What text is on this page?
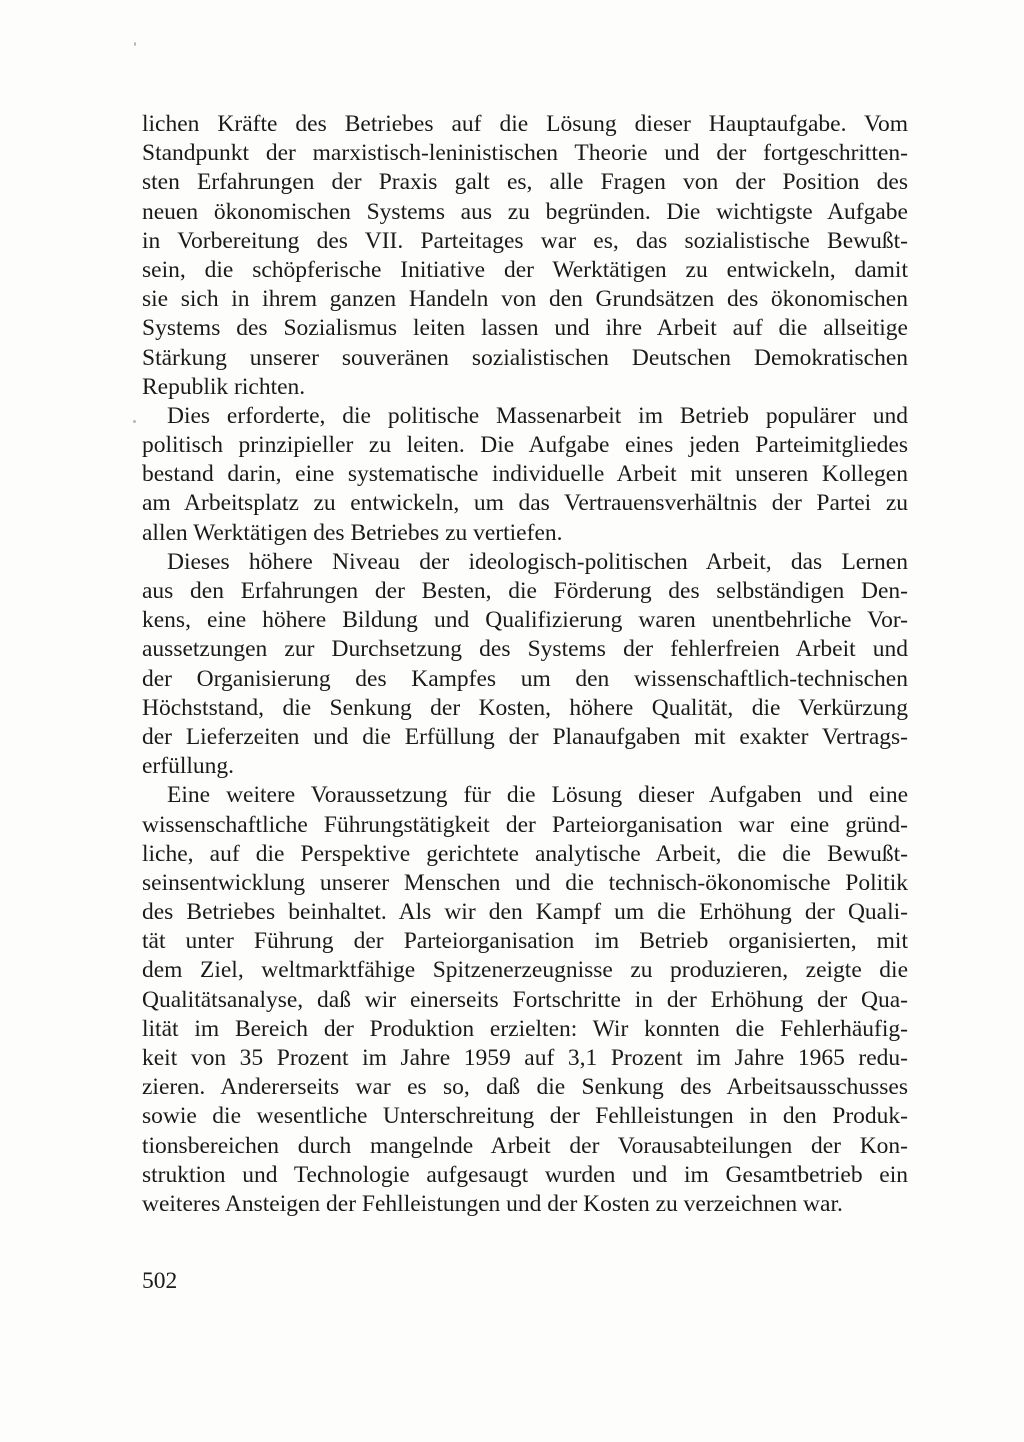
lichen Kräfte des Betriebes auf die Lösung dieser Hauptaufgabe. Vom
Standpunkt der marxistisch-leninistischen Theorie und der fortgeschritten-
sten Erfahrungen der Praxis galt es, alle Fragen von der Position des
neuen ökonomischen Systems aus zu begründen. Die wichtigste Aufgabe
in Vorbereitung des VII. Parteitages war es, das sozialistische Bewußt-
sein, die schöpferische Initiative der Werktätigen zu entwickeln, damit
sie sich in ihrem ganzen Handeln von den Grundsätzen des ökonomischen
Systems des Sozialismus leiten lassen und ihre Arbeit auf die allseitige
Stärkung unserer souveränen sozialistischen Deutschen Demokratischen
Republik richten.
Dies erforderte, die politische Massenarbeit im Betrieb populärer und
politisch prinzipieller zu leiten. Die Aufgabe eines jeden Parteimitgliedes
bestand darin, eine systematische individuelle Arbeit mit unseren Kollegen
am Arbeitsplatz zu entwickeln, um das Vertrauensverhältnis der Partei zu
allen Werktätigen des Betriebes zu vertiefen.
Dieses höhere Niveau der ideologisch-politischen Arbeit, das Lernen
aus den Erfahrungen der Besten, die Förderung des selbständigen Den-
kens, eine höhere Bildung und Qualifizierung waren unentbehrliche Vor-
aussetzungen zur Durchsetzung des Systems der fehlerfreien Arbeit und
der Organisierung des Kampfes um den wissenschaftlich-technischen
Höchststand, die Senkung der Kosten, höhere Qualität, die Verkürzung
der Lieferzeiten und die Erfüllung der Planaufgaben mit exakter Vertrags-
erfüllung.
Eine weitere Voraussetzung für die Lösung dieser Aufgaben und eine
wissenschaftliche Führungstätigkeit der Parteiorganisation war eine gründ-
liche, auf die Perspektive gerichtete analytische Arbeit, die die Bewußt-
seinsentwicklung unserer Menschen und die technisch-ökonomische Politik
des Betriebes beinhaltet. Als wir den Kampf um die Erhöhung der Quali-
tät unter Führung der Parteiorganisation im Betrieb organisierten, mit
dem Ziel, weltmarktfähige Spitzenerzeugnisse zu produzieren, zeigte die
Qualitätsanalyse, daß wir einerseits Fortschritte in der Erhöhung der Qua-
lität im Bereich der Produktion erzielten: Wir konnten die Fehlerhäufig-
keit von 35 Prozent im Jahre 1959 auf 3,1 Prozent im Jahre 1965 redu-
zieren. Andererseits war es so, daß die Senkung des Arbeitsausschusses
sowie die wesentliche Unterschreitung der Fehlleistungen in den Produk-
tionsbereichen durch mangelnde Arbeit der Vorausabteilungen der Kon-
struktion und Technologie aufgesaugt wurden und im Gesamtbetrieb ein
weiteres Ansteigen der Fehlleistungen und der Kosten zu verzeichnen war.
502
